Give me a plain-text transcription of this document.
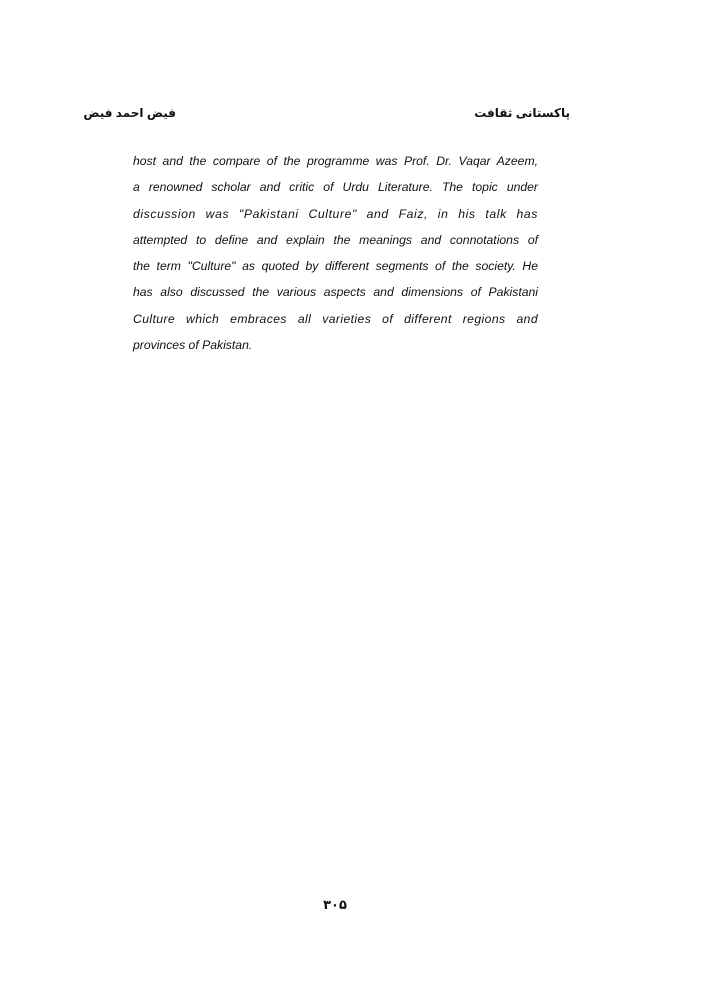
پاکستانی ثقافت
فیض احمد فیض
host and the compare of the programme was Prof. Dr. Vaqar Azeem,
a renowned scholar and critic of Urdu Literature. The topic under
discussion was "Pakistani Culture" and Faiz, in his talk has
attempted to define and explain the meanings and connotations of
the term "Culture" as quoted by different segments of the society. He
has also discussed the various aspects and dimensions of Pakistani
Culture which embraces all varieties of different regions and
provinces of Pakistan.
۳۰۵
